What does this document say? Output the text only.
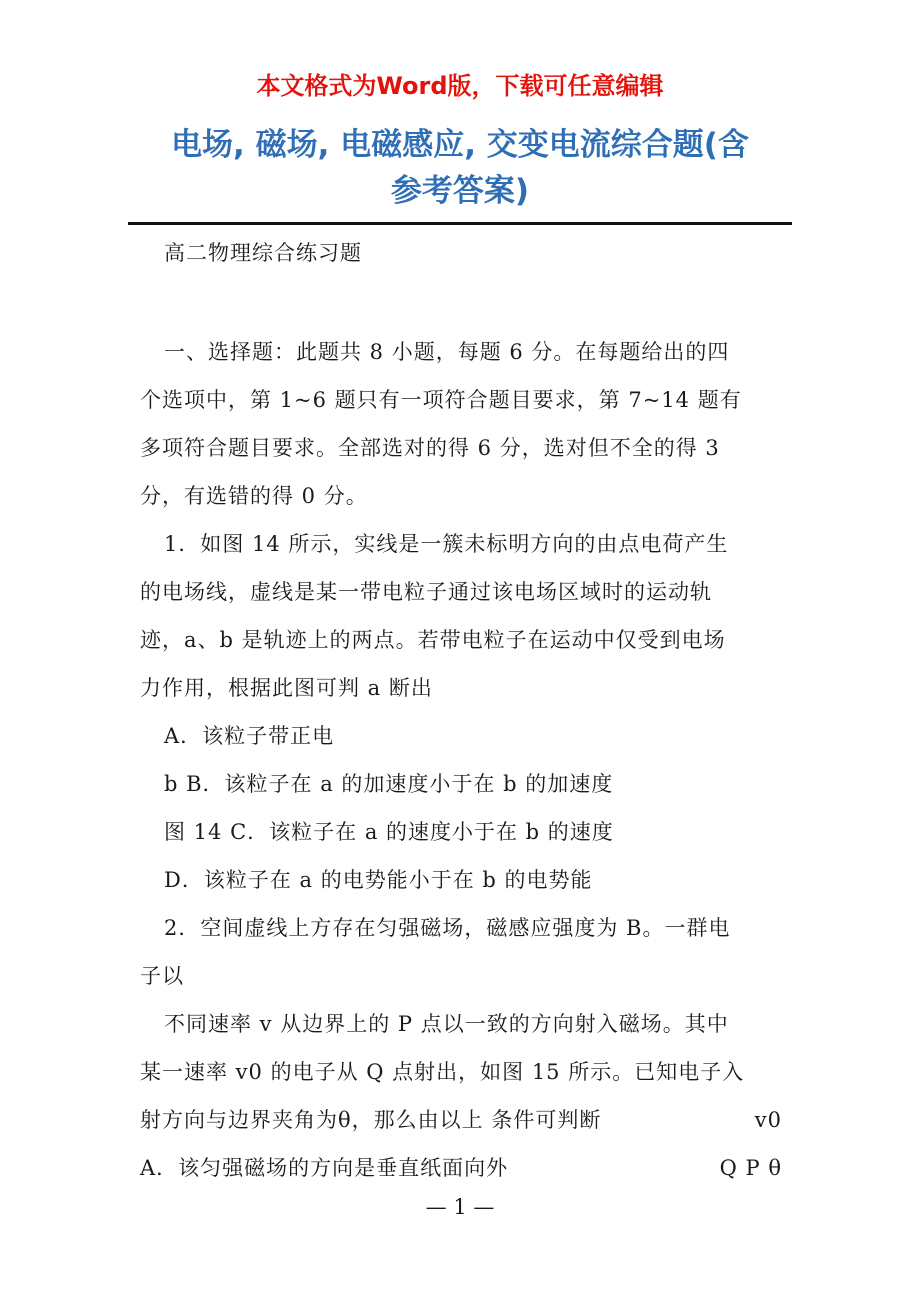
本文格式为Word版，下载可任意编辑
电场, 磁场, 电磁感应, 交变电流综合题(含
参考答案)
高二物理综合练习题
一、选择题：此题共 8 小题，每题 6 分。在每题给出的四
个选项中，第 1~6 题只有一项符合题目要求，第 7~14 题有
多项符合题目要求。全部选对的得 6 分，选对但不全的得 3
分，有选错的得 0 分。
1．如图 14 所示，实线是一簇未标明方向的由点电荷产生
的电场线，虚线是某一带电粒子通过该电场区域时的运动轨
迹，a、b 是轨迹上的两点。若带电粒子在运动中仅受到电场
力作用，根据此图可判 a 断出
A．该粒子带正电
b B．该粒子在 a 的加速度小于在 b 的加速度
图 14 C．该粒子在 a 的速度小于在 b 的速度
D．该粒子在 a 的电势能小于在 b 的电势能
2．空间虚线上方存在匀强磁场，磁感应强度为 B。一群电
子以
不同速率 v 从边界上的 P 点以一致的方向射入磁场。其中
某一速率 v0 的电子从 Q 点射出，如图 15 所示。已知电子入
射方向与边界夹角为θ，那么由以上 条件可判断	v0
A．该匀强磁场的方向是垂直纸面向外	Q P θ
— 1 —
